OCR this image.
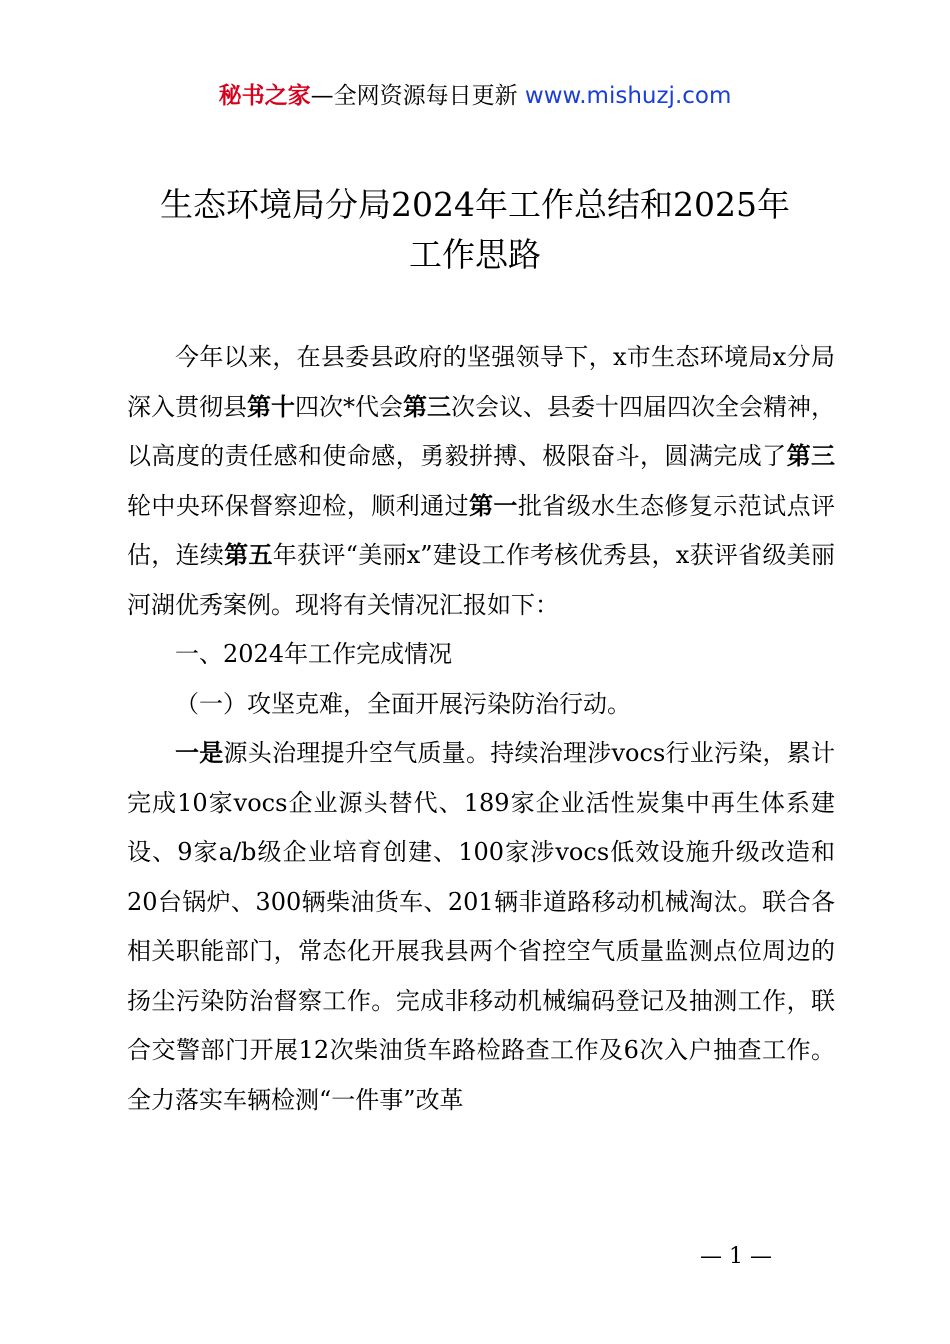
秘书之家—全网资源每日更新 www.mishuzj.com
生态环境局分局2024年工作总结和2025年
工作思路
今年以来，在县委县政府的坚强领导下，x市生态环境局x分局深入贯彻县第十四次*代会第三次会议、县委十四届四次全会精神，以高度的责任感和使命感，勇毅拼搏、极限奋斗，圆满完成了第三轮中央环保督察迎检，顺利通过第一批省级水生态修复示范试点评估，连续第五年获评“美丽x”建设工作考核优秀县，x获评省级美丽河湖优秀案例。现将有关情况汇报如下：
一、2024年工作完成情况
（一）攻坚克难，全面开展污染防治行动。
一是源头治理提升空气质量。持续治理涉vocs行业污染，累计完成10家vocs企业源头替代、189家企业活性炭集中再生体系建设、9家a/b级企业培育创建、100家涉vocs低效设施升级改造和20台锅炉、300辆柴油货车、201辆非道路移动机械淘汰。联合各相关职能部门，常态化开展我县两个省控空气质量监测点位周边的扬尘污染防治督察工作。完成非移动机械编码登记及抽测工作，联合交警部门开展12次柴油货车路检路查工作及6次入户抽查工作。全力落实车辆检测“一件事”改革
— 1 —
